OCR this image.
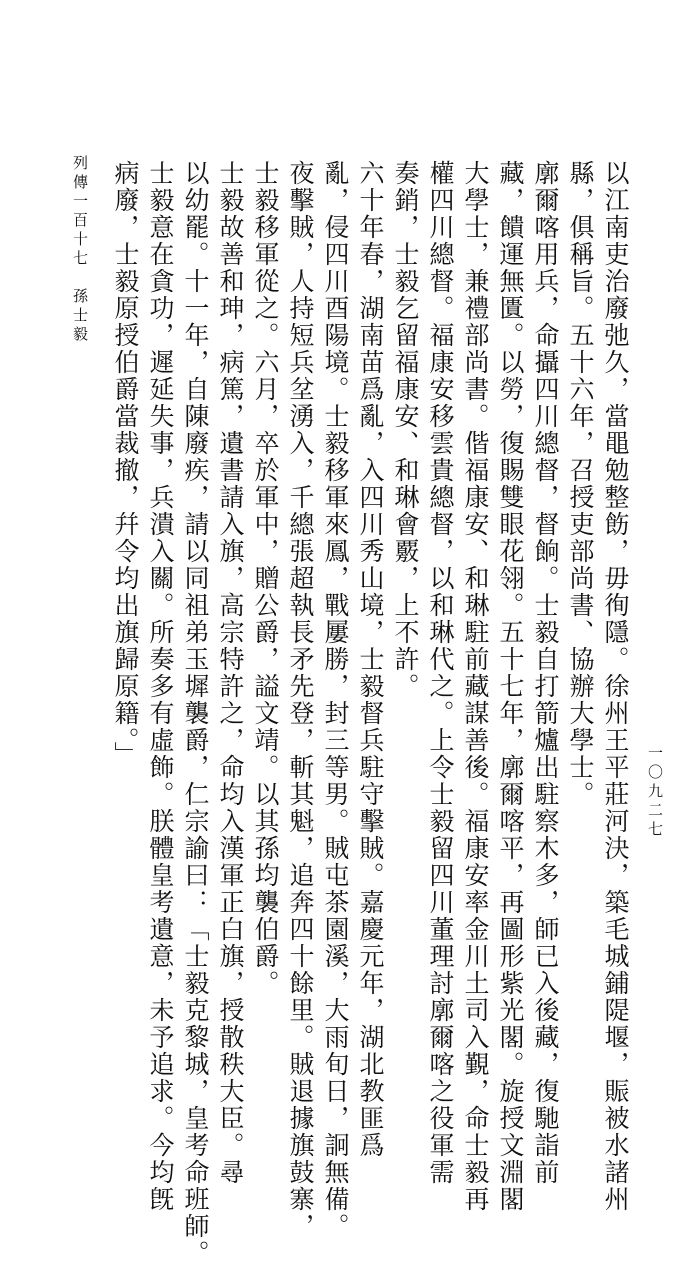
以江南吏治廢弛久，當黽勉整飭，毋徇隱。徐州王平莊河決，築毛城鋪隄堰，賑被水諸州
縣，俱稱旨。五十六年，召授吏部尚書、協辦大學士。
廓爾喀用兵，命攝四川總督，督餉。士毅自打箭爐出駐察木多，師已入後藏，復馳詣前
藏，饋運無匱。以勞，復賜雙眼花翎。五十七年，廓爾喀平，再圖形紫光閣。旋授文淵閣
大學士，兼禮部尚書。偕福康安、和琳駐前藏謀善後。福康安率金川土司入覲，命士毅再
權四川總督。福康安移雲貴總督，以和琳代之。上令士毅留四川董理討廓爾喀之役軍需
奏銷，士毅乞留福康安、和琳會覈，上不許。
六十年春，湖南苗爲亂，入四川秀山境，士毅督兵駐守擊賊。嘉慶元年，湖北教匪爲
亂，侵四川酉陽境。士毅移軍來鳳，戰屢勝，封三等男。賊屯茶園溪，大雨旬日，詗無備。
夜擊賊，人持短兵坌湧入，千總張超執長矛先登，斬其魁，追奔四十餘里。賊退據旗鼓寨，
士毅移軍從之。六月，卒於軍中，贈公爵，謚文靖。以其孫均襲伯爵。
士毅故善和珅，病篤，遺書請入旗，高宗特許之，命均入漢軍正白旗，授散秩大臣。尋
以幼罷。十一年，自陳廢疾，請以同祖弟玉墀襲爵，仁宗諭曰：「士毅克黎城，皇考命班師。
士毅意在貪功，遲延失事，兵潰入關。所奏多有虛飾。朕體皇考遺意，未予追求。今均旣
病廢，士毅原授伯爵當裁撤，幷令均出旗歸原籍。」
列傳一百十七　孫士毅
一〇九二七
